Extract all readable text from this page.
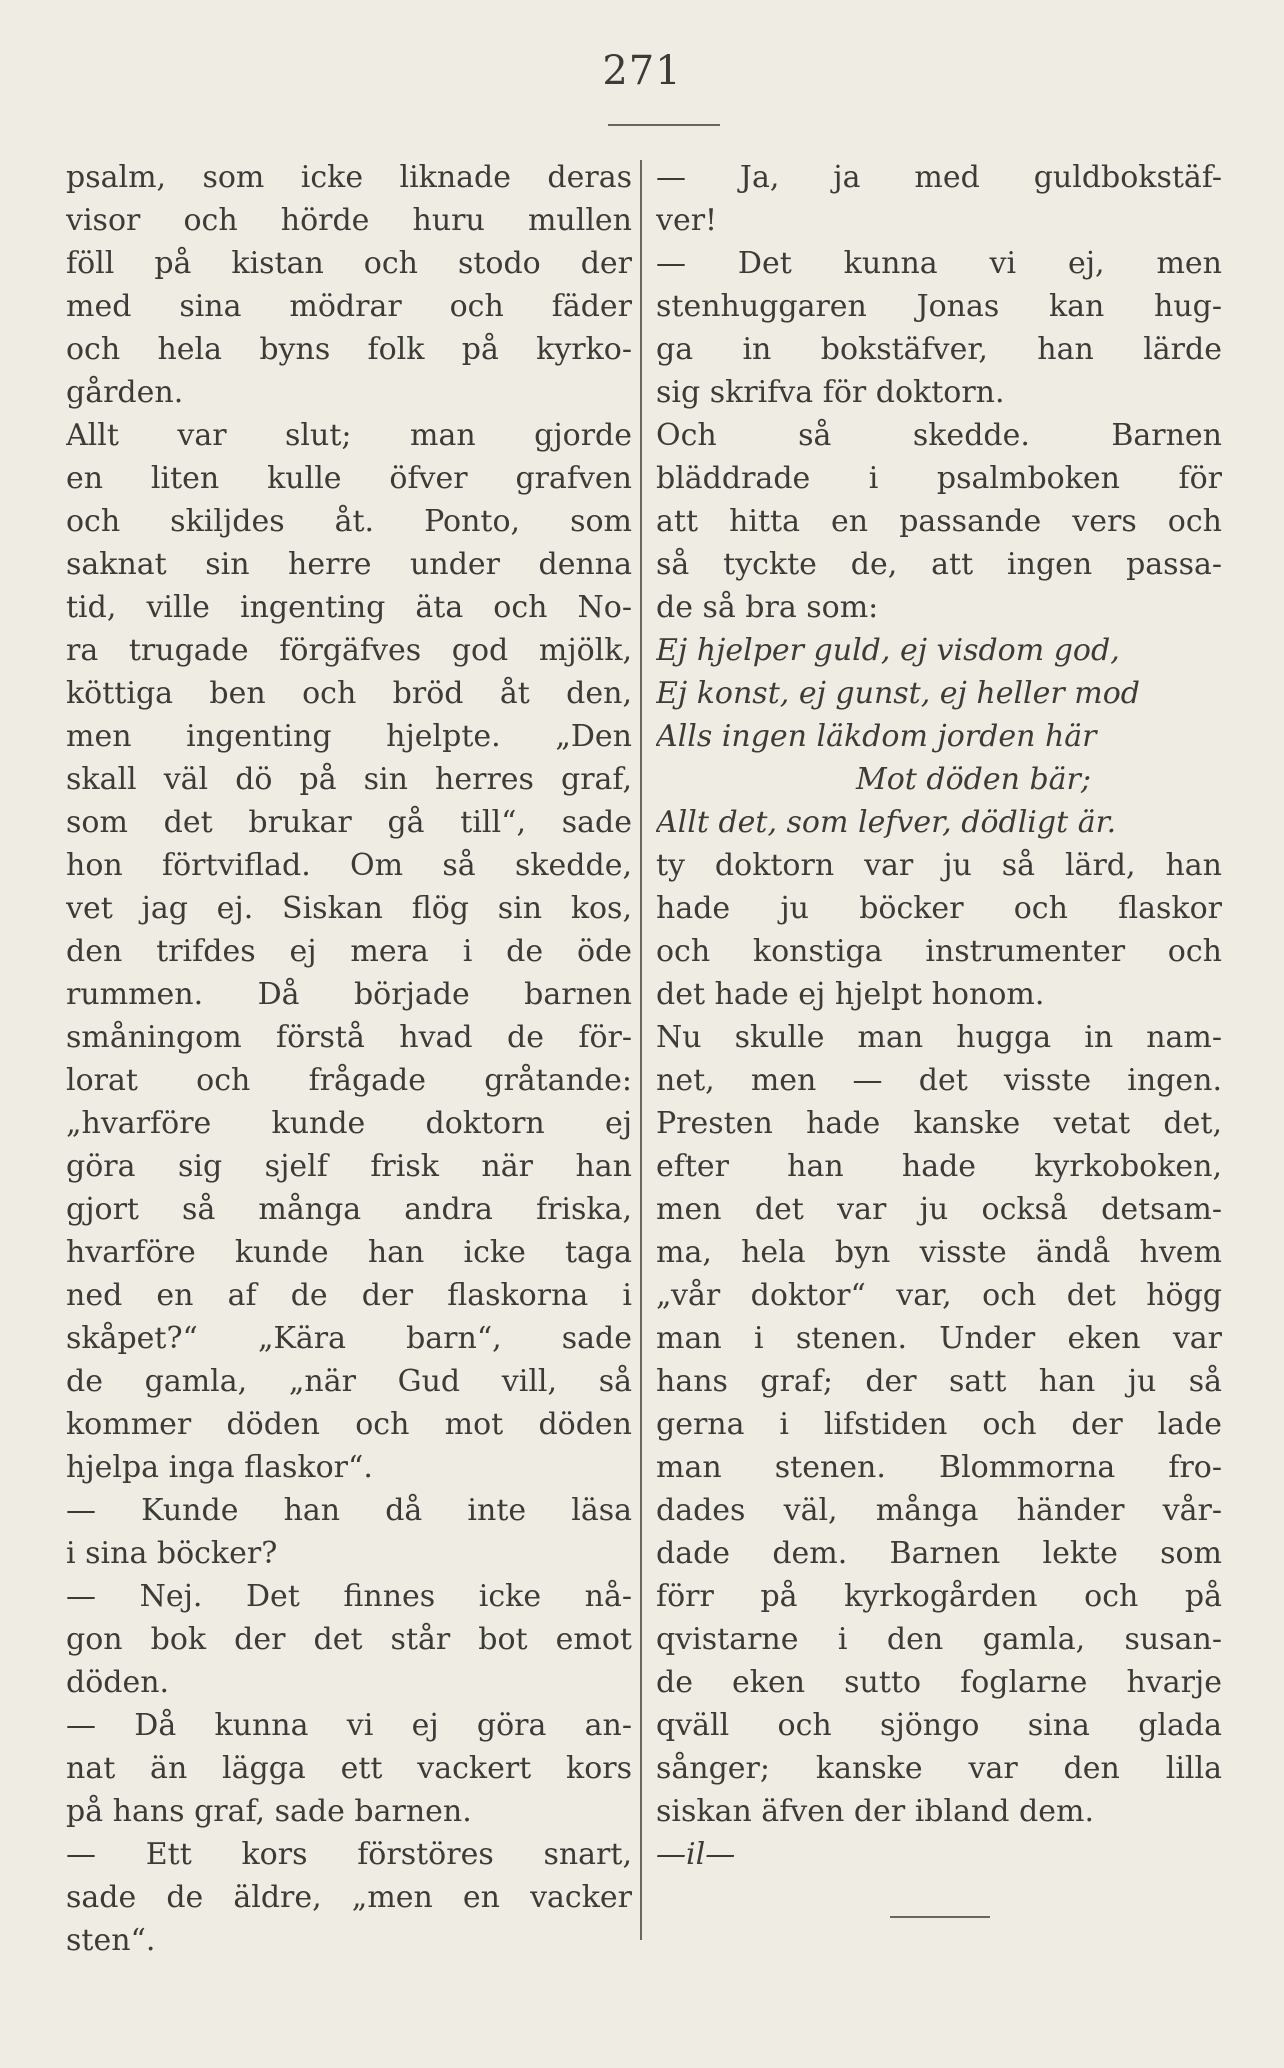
271
psalm, som icke liknade deras
visor och hörde huru mullen
föll på kistan och stodo der
med sina mödrar och fäder
och hela byns folk på kyrko-
gården.
Allt var slut; man gjorde
en liten kulle öfver grafven
och skiljdes åt. Ponto, som
saknat sin herre under denna
tid, ville ingenting äta och No-
ra trugade förgäfves god mjölk,
köttiga ben och bröd åt den,
men ingenting hjelpte. „Den
skall väl dö på sin herres graf,
som det brukar gå till“, sade
hon förtviflad. Om så skedde,
vet jag ej. Siskan flög sin kos,
den trifdes ej mera i de öde
rummen. Då började barnen
småningom förstå hvad de för-
lorat och frågade gråtande:
„hvarföre kunde doktorn ej
göra sig sjelf frisk när han
gjort så många andra friska,
hvarföre kunde han icke taga
ned en af de der flaskorna i
skåpet?“ „Kära barn“, sade
de gamla, „när Gud vill, så
kommer döden och mot döden
hjelpa inga flaskor“.
— Kunde han då inte läsa
i sina böcker?
— Nej. Det finnes icke nå-
gon bok der det står bot emot
döden.
— Då kunna vi ej göra an-
nat än lägga ett vackert kors
på hans graf, sade barnen.
— Ett kors förstöres snart,
sade de äldre, „men en vacker
sten“.
— Ja, ja med guldbokstäf-
ver!
— Det kunna vi ej, men
stenhuggaren Jonas kan hug-
ga in bokstäfver, han lärde
sig skrifva för doktorn.
Och så skedde. Barnen
bläddrade i psalmboken för
att hitta en passande vers och
så tyckte de, att ingen passa-
de så bra som:
Ej hjelper guld, ej visdom god,
Ej konst, ej gunst, ej heller mod
Alls ingen läkdom jorden här
Mot döden bär;
Allt det, som lefver, dödligt är.
ty doktorn var ju så lärd, han
hade ju böcker och flaskor
och konstiga instrumenter och
det hade ej hjelpt honom.
Nu skulle man hugga in nam-
net, men — det visste ingen.
Presten hade kanske vetat det,
efter han hade kyrkoboken,
men det var ju också detsam-
ma, hela byn visste ändå hvem
„vår doktor“ var, och det högg
man i stenen. Under eken var
hans graf; der satt han ju så
gerna i lifstiden och der lade
man stenen. Blommorna fro-
dades väl, många händer vår-
dade dem. Barnen lekte som
förr på kyrkogården och på
qvistarne i den gamla, susan-
de eken sutto foglarne hvarje
qväll och sjöngo sina glada
sånger; kanske var den lilla
siskan äfven der ibland dem.
—il—
